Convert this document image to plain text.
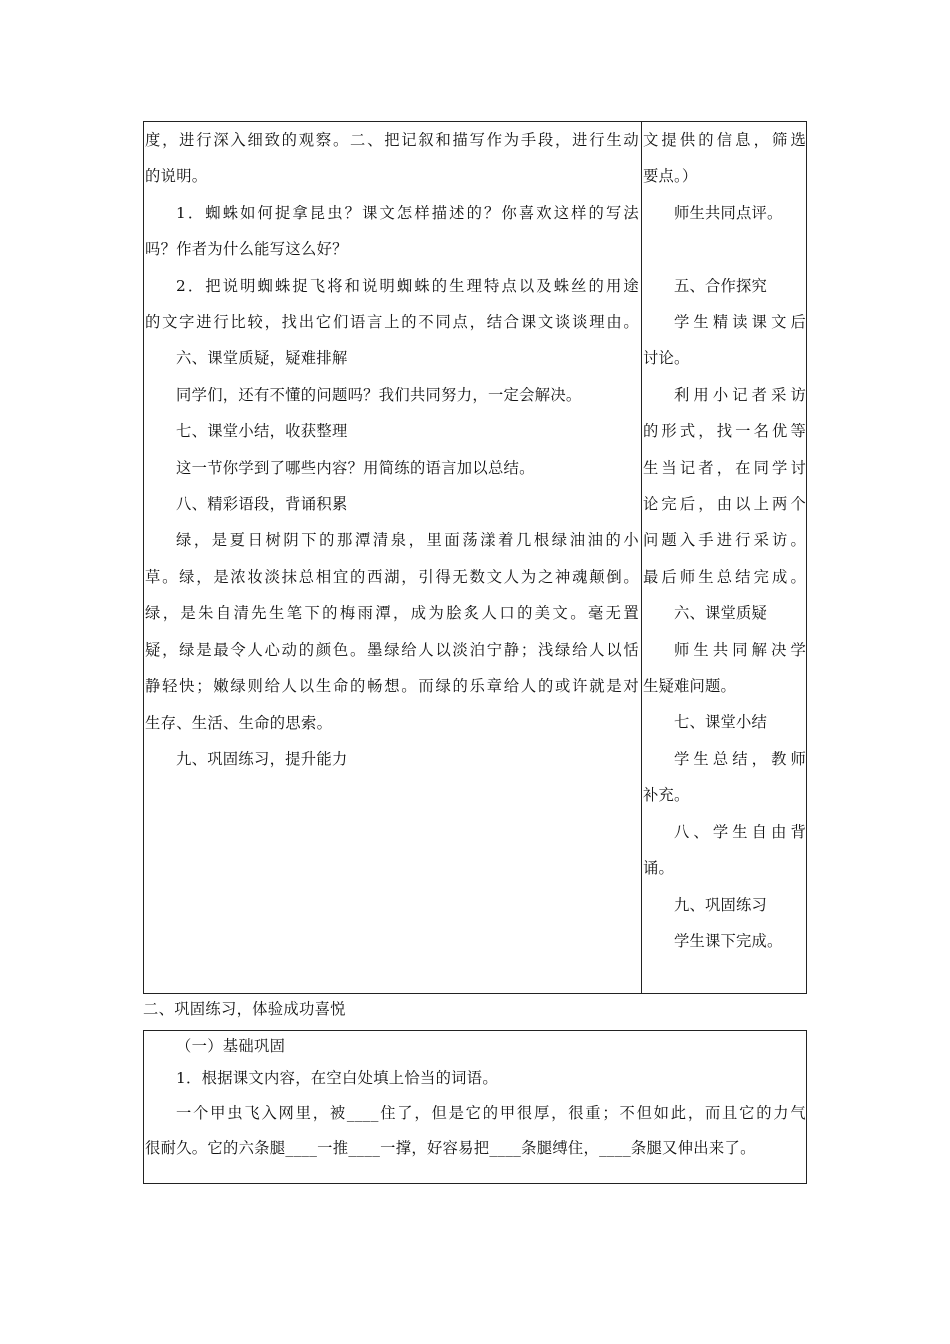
度，进行深入细致的观察。二、把记叙和描写作为手段，进行生动

的说明。

1．蜘蛛如何捉拿昆虫？课文怎样描述的？你喜欢这样的写法

吗？作者为什么能写这么好？

2．把说明蜘蛛捉飞将和说明蜘蛛的生理特点以及蛛丝的用途

的文字进行比较，找出它们语言上的不同点，结合课文谈谈理由。

六、课堂质疑，疑难排解

同学们，还有不懂的问题吗？我们共同努力，一定会解决。

七、课堂小结，收获整理

这一节你学到了哪些内容？用简练的语言加以总结。

八、精彩语段，背诵积累

绿，是夏日树阴下的那潭清泉，里面荡漾着几根绿油油的小

草。绿，是浓妆淡抹总相宜的西湖，引得无数文人为之神魂颠倒。

绿，是朱自清先生笔下的梅雨潭，成为脍炙人口的美文。毫无置

疑，绿是最令人心动的颜色。墨绿给人以淡泊宁静；浅绿给人以恬

静轻快；嫩绿则给人以生命的畅想。而绿的乐章给人的或许就是对

生存、生活、生命的思索。

九、巩固练习，提升能力

文提供的信息，筛选

要点。）

师生共同点评。

五、合作探究

学生精读课文后

讨论。

利用小记者采访

的形式，找一名优等

生当记者，在同学讨

论完后，由以上两个

问题入手进行采访。

最后师生总结完成。

六、课堂质疑

师生共同解决学

生疑难问题。

七、课堂小结

学生总结，教师

补充。

八、学生自由背

诵。

九、巩固练习

学生课下完成。

二、巩固练习，体验成功喜悦

（一）基础巩固

1．根据课文内容，在空白处填上恰当的词语。

一个甲虫飞入网里，被____住了，但是它的甲很厚，很重；不但如此，而且它的力气

很耐久。它的六条腿____一推____一撑，好容易把____条腿缚住，____条腿又伸出来了。
